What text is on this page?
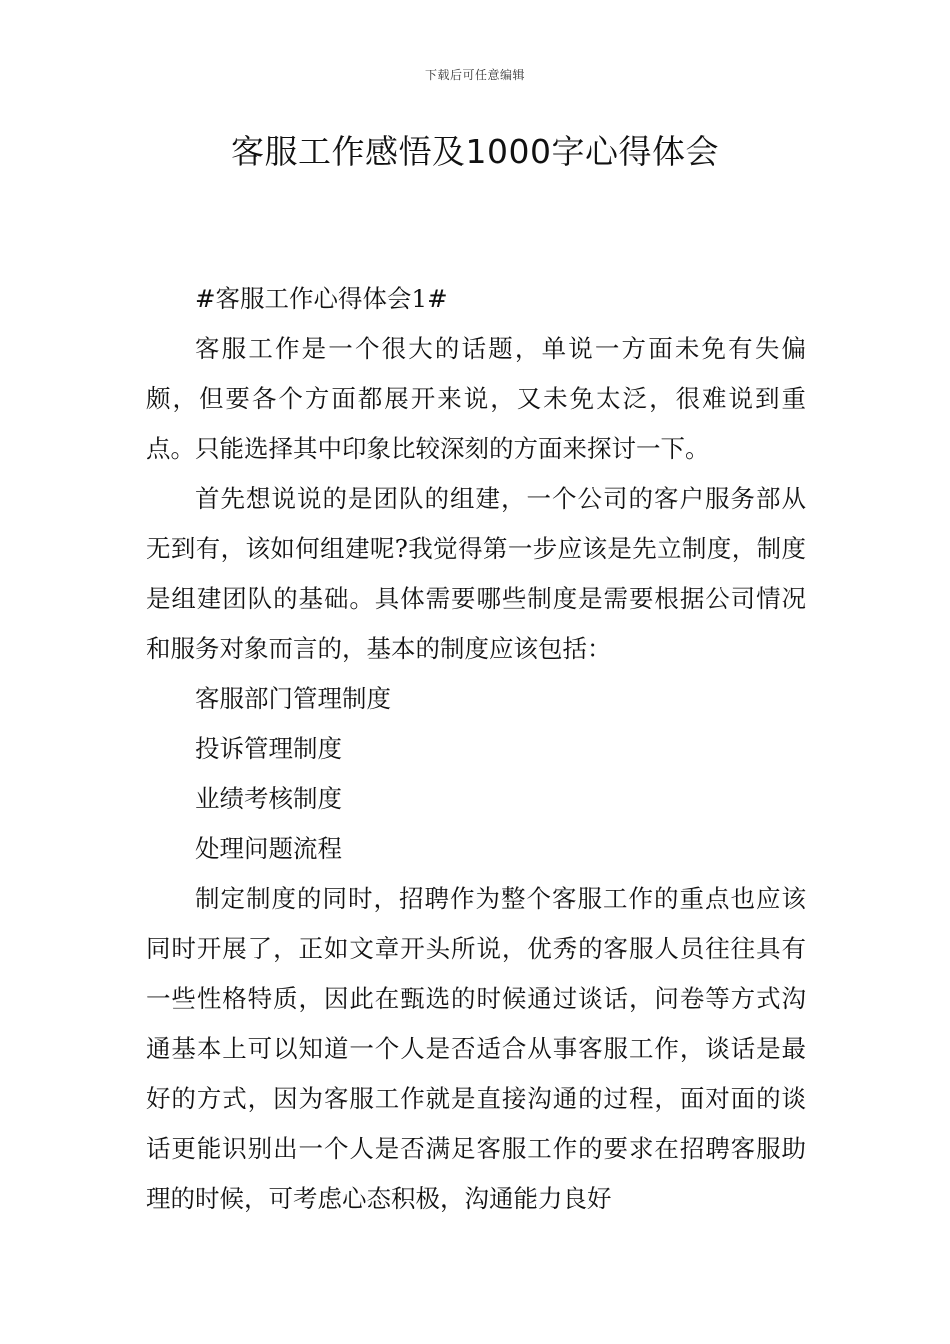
下载后可任意编辑
客服工作感悟及1000字心得体会

#客服工作心得体会1#

客服工作是一个很大的话题，单说一方面未免有失偏颇，但要各个方面都展开来说，又未免太泛，很难说到重点。只能选择其中印象比较深刻的方面来探讨一下。

首先想说说的是团队的组建，一个公司的客户服务部从无到有，该如何组建呢?我觉得第一步应该是先立制度，制度是组建团队的基础。具体需要哪些制度是需要根据公司情况和服务对象而言的，基本的制度应该包括：

客服部门管理制度

投诉管理制度

业绩考核制度

处理问题流程

制定制度的同时，招聘作为整个客服工作的重点也应该同时开展了，正如文章开头所说，优秀的客服人员往往具有一些性格特质，因此在甄选的时候通过谈话，问卷等方式沟通基本上可以知道一个人是否适合从事客服工作，谈话是最好的方式，因为客服工作就是直接沟通的过程，面对面的谈话更能识别出一个人是否满足客服工作的要求在招聘客服助理的时候，可考虑心态积极，沟通能力良好
